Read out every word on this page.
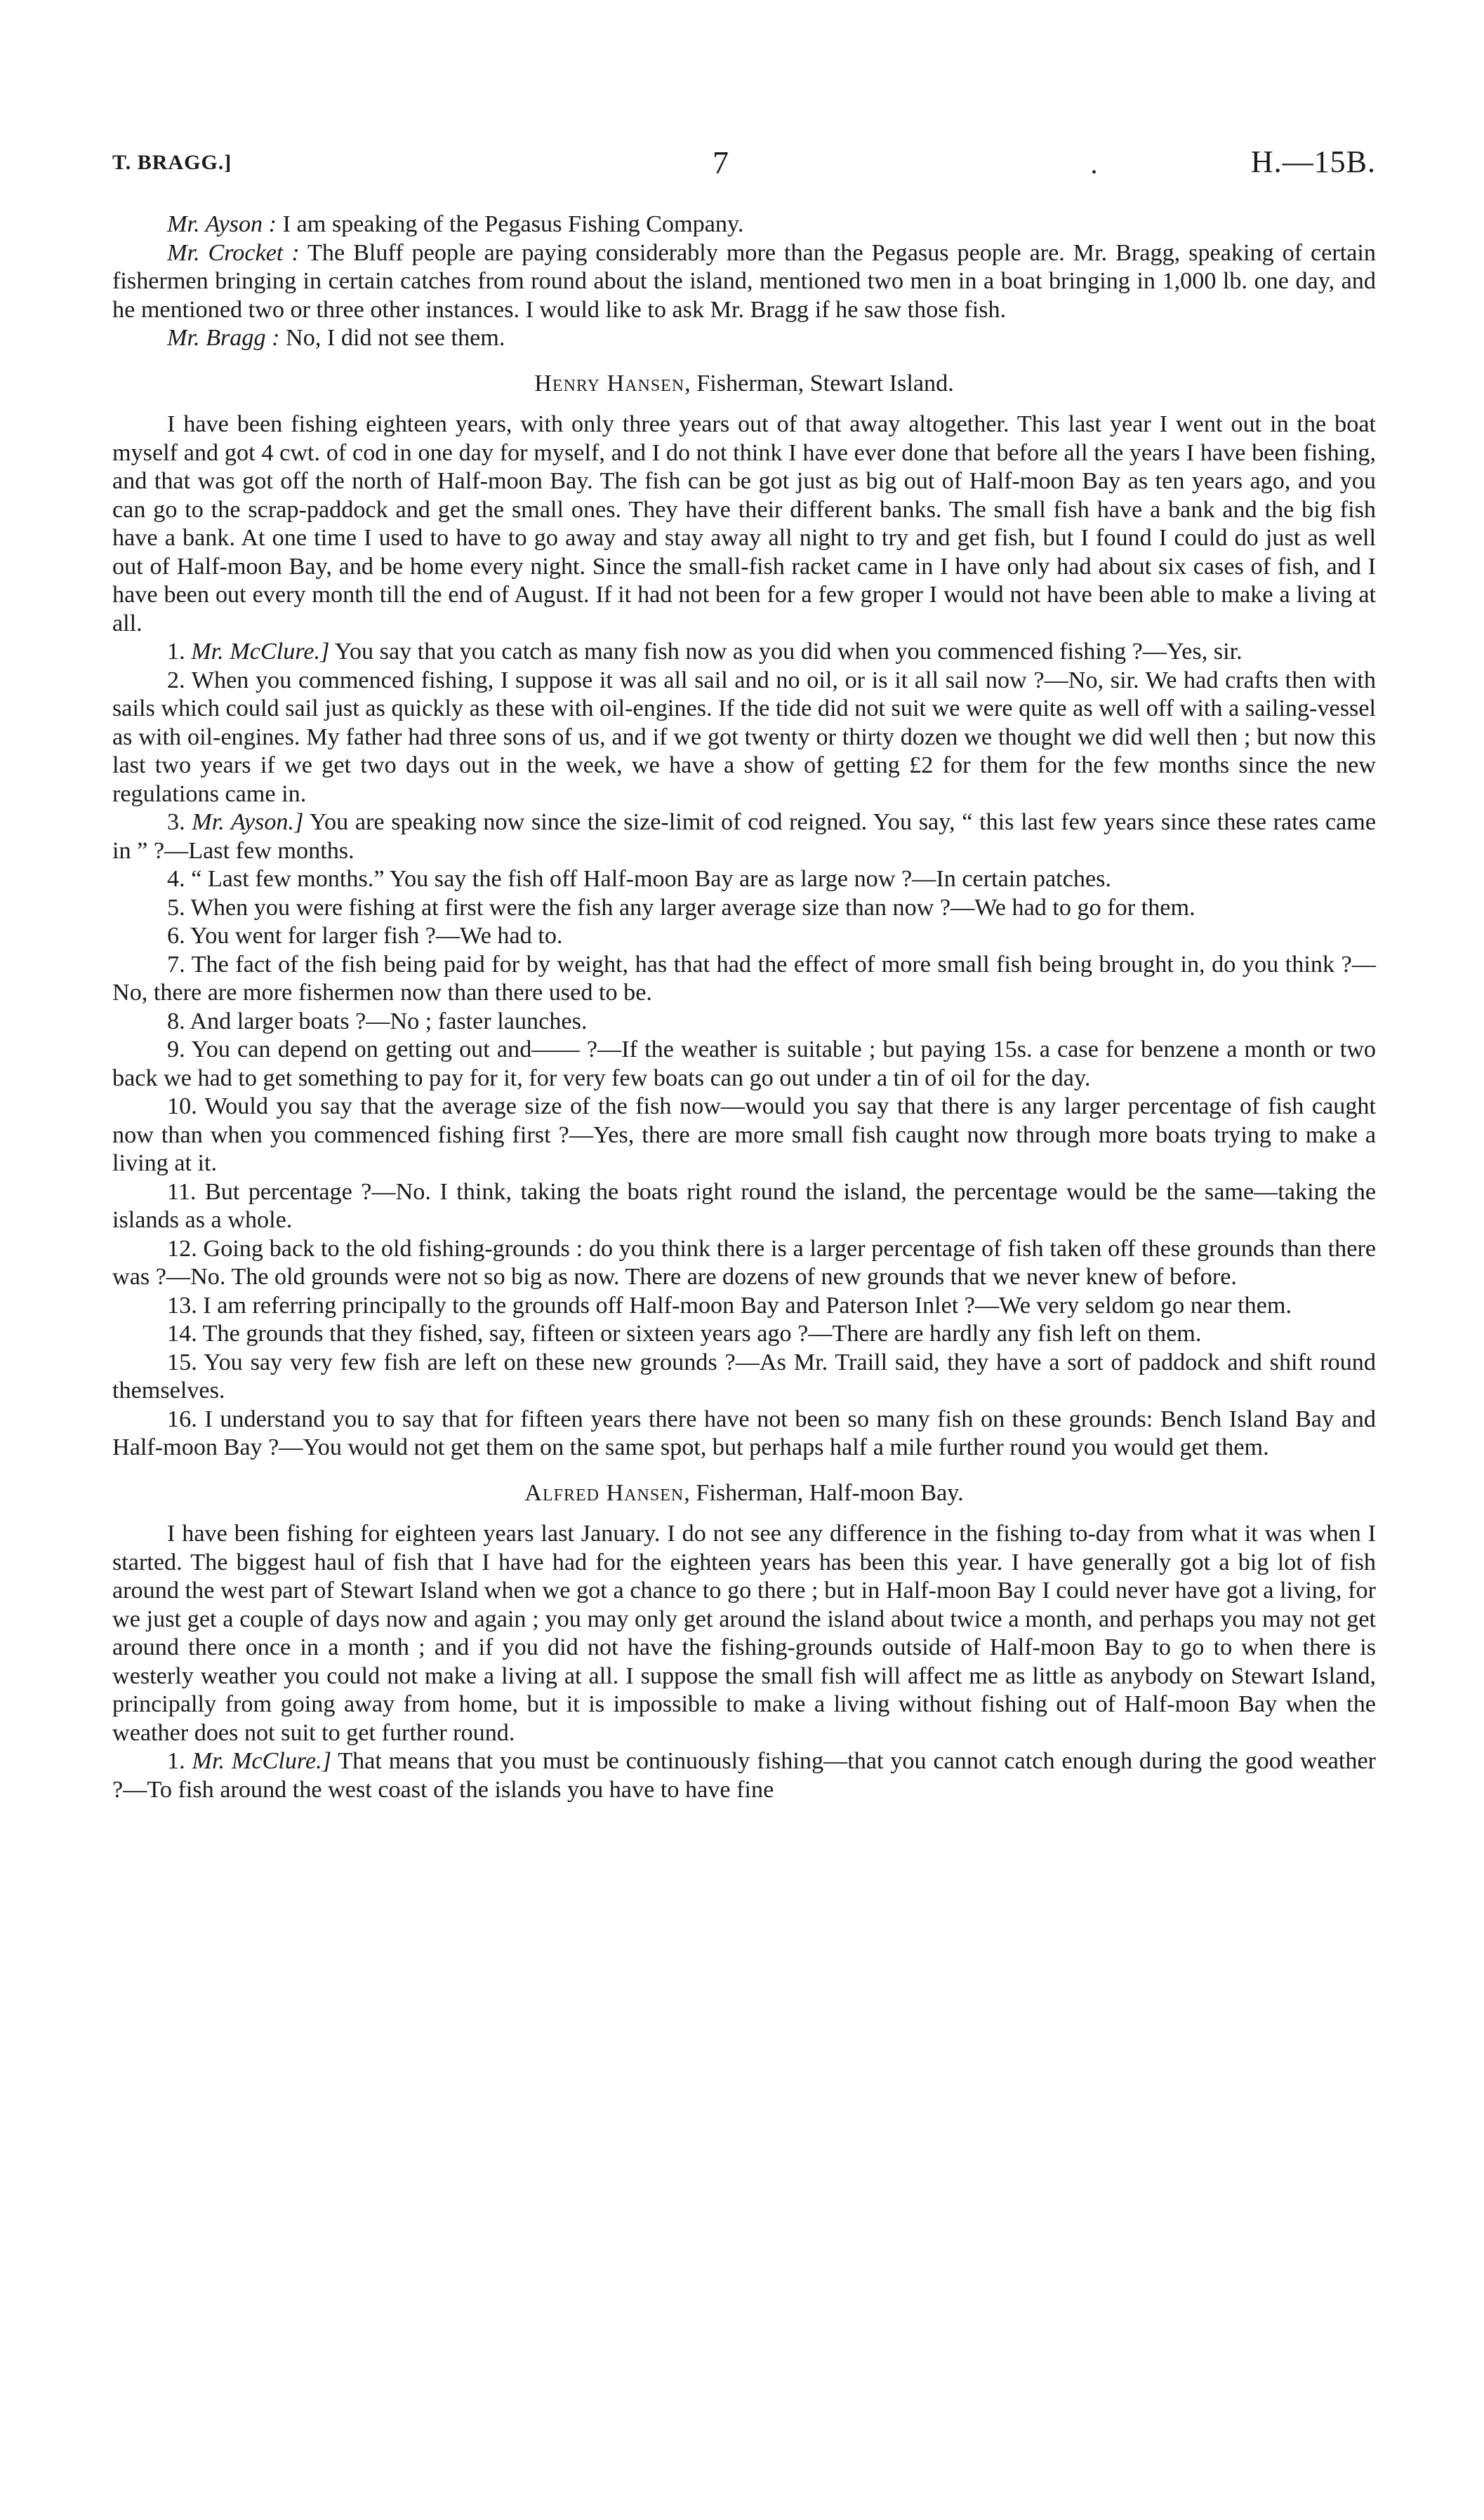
T. BRAGG.]	7	•	H.—15B.

Mr. Ayson : I am speaking of the Pegasus Fishing Company.

Mr. Crocket : The Bluff people are paying considerably more than the Pegasus people are. Mr. Bragg, speaking of certain fishermen bringing in certain catches from round about the island, mentioned two men in a boat bringing in 1,000 lb. one day, and he mentioned two or three other instances. I would like to ask Mr. Bragg if he saw those fish.

Mr. Bragg : No, I did not see them.

Henry Hansen, Fisherman, Stewart Island.

I have been fishing eighteen years, with only three years out of that away altogether. This last year I went out in the boat myself and got 4 cwt. of cod in one day for myself, and I do not think I have ever done that before all the years I have been fishing, and that was got off the north of Half-moon Bay. The fish can be got just as big out of Half-moon Bay as ten years ago, and you can go to the scrap-paddock and get the small ones. They have their different banks. The small fish have a bank and the big fish have a bank. At one time I used to have to go away and stay away all night to try and get fish, but I found I could do just as well out of Half-moon Bay, and be home every night. Since the small-fish racket came in I have only had about six cases of fish, and I have been out every month till the end of August. If it had not been for a few groper I would not have been able to make a living at all.

1. Mr. McClure.] You say that you catch as many fish now as you did when you commenced fishing ?—Yes, sir.

2. When you commenced fishing, I suppose it was all sail and no oil, or is it all sail now ?—No, sir. We had crafts then with sails which could sail just as quickly as these with oil-engines. If the tide did not suit we were quite as well off with a sailing-vessel as with oil-engines. My father had three sons of us, and if we got twenty or thirty dozen we thought we did well then ; but now this last two years if we get two days out in the week, we have a show of getting £2 for them for the few months since the new regulations came in.

3. Mr. Ayson.] You are speaking now since the size-limit of cod reigned. You say, “ this last few years since these rates came in ” ?—Last few months.

4. “ Last few months.” You say the fish off Half-moon Bay are as large now ?—In certain patches.

5. When you were fishing at first were the fish any larger average size than now ?—We had to go for them.

6. You went for larger fish ?—We had to.

7. The fact of the fish being paid for by weight, has that had the effect of more small fish being brought in, do you think ?—No, there are more fishermen now than there used to be.

8. And larger boats ?—No ; faster launches.

9. You can depend on getting out and—— ?—If the weather is suitable ; but paying 15s. a case for benzene a month or two back we had to get something to pay for it, for very few boats can go out under a tin of oil for the day.

10. Would you say that the average size of the fish now—would you say that there is any larger percentage of fish caught now than when you commenced fishing first ?—Yes, there are more small fish caught now through more boats trying to make a living at it.

11. But percentage ?—No. I think, taking the boats right round the island, the percentage would be the same—taking the islands as a whole.

12. Going back to the old fishing-grounds : do you think there is a larger percentage of fish taken off these grounds than there was ?—No. The old grounds were not so big as now. There are dozens of new grounds that we never knew of before.

13. I am referring principally to the grounds off Half-moon Bay and Paterson Inlet ?—We very seldom go near them.

14. The grounds that they fished, say, fifteen or sixteen years ago ?—There are hardly any fish left on them.

15. You say very few fish are left on these new grounds ?—As Mr. Traill said, they have a sort of paddock and shift round themselves.

16. I understand you to say that for fifteen years there have not been so many fish on these grounds: Bench Island Bay and Half-moon Bay ?—You would not get them on the same spot, but perhaps half a mile further round you would get them.

Alfred Hansen, Fisherman, Half-moon Bay.

I have been fishing for eighteen years last January. I do not see any difference in the fishing to-day from what it was when I started. The biggest haul of fish that I have had for the eighteen years has been this year. I have generally got a big lot of fish around the west part of Stewart Island when we got a chance to go there ; but in Half-moon Bay I could never have got a living, for we just get a couple of days now and again ; you may only get around the island about twice a month, and perhaps you may not get around there once in a month ; and if you did not have the fishing-grounds outside of Half-moon Bay to go to when there is westerly weather you could not make a living at all. I suppose the small fish will affect me as little as anybody on Stewart Island, principally from going away from home, but it is impossible to make a living without fishing out of Half-moon Bay when the weather does not suit to get further round.

1. Mr. McClure.] That means that you must be continuously fishing—that you cannot catch enough during the good weather ?—To fish around the west coast of the islands you have to have fine
